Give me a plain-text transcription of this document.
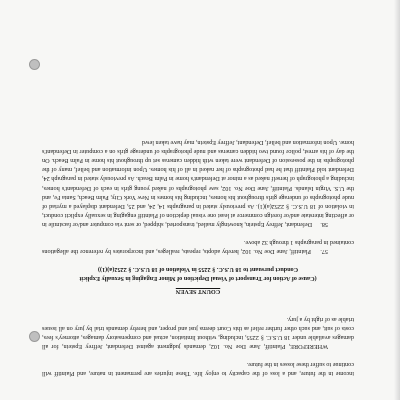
income in the future, and a loss of the capacity to enjoy life. These injuries are permanent in nature, and Plaintiff will continue to suffer these losses in the future.

WHEREFORE, Plaintiff, Jane Doe No. 102, demands judgment against Defendant, Jeffrey Epstein, for all damages available under 18 U.S.C. § 2255, including, without limitation, actual and compensatory damages, attorney's fees, costs of suit, and such other further relief as this Court deems just and proper, and hereby demands trial by jury on all issues triable as of right by a jury.

COUNT SEVEN
(Cause of Action for Transport of Visual Depiction of Minor Engaging in Sexually Explicit
Conduct pursuant to 18 U.S.C. § 2255 in Violation of 18 U.S.C. § 2252(a)(1))

57.     Plaintiff, Jane Doe No. 102, hereby adopts, repeats, realleges, and incorporates by reference the allegations contained in paragraphs 1 through 32 above.

58.     Defendant, Jeffrey Epstein, knowingly mailed, transported, shipped, or sent via computer and/or facsimile in or affecting interstate and/or foreign commerce at least one visual depiction of Plaintiff engaging in sexually explicit conduct, in violation of 18 U.S.C. § 2252(a)(1). As previously stated in paragraphs 14, 24, and 25, Defendant displayed a myriad of nude photographs of underage girls throughout his homes, including his homes in New York City, Palm Beach, Santa Fe, and the U.S. Virgin Islands. Plaintiff, Jane Doe No. 102, saw photographs of naked young girls in each of Defendant's homes, including a photograph of herself naked as a minor at Defendant's home in Palm Beach. As previously stated in paragraph 24, Defendant told Plaintiff that he had photographs of her naked in all of his homes. Upon information and belief, many of the photographs in the possession of Defendant were taken with hidden cameras set up throughout his home in Palm Beach. On the day of his arrest, police found two hidden cameras and nude photographs of underage girls on a computer in Defendant's home. Upon information and belief, Defendant, Jeffrey Epstein, may have taken lewd
